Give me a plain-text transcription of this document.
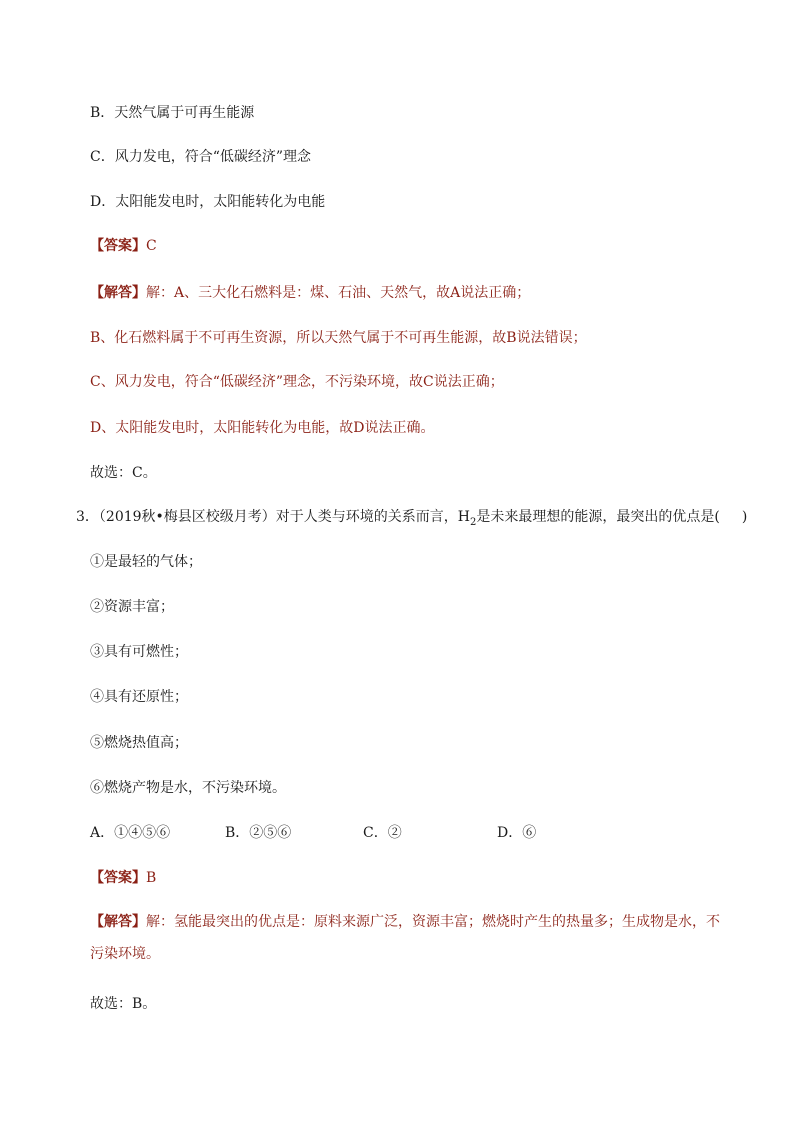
B．天然气属于可再生能源
C．风力发电，符合“低碳经济”理念
D．太阳能发电时，太阳能转化为电能
【答案】C
【解答】解：A、三大化石燃料是：煤、石油、天然气，故A说法正确；
B、化石燃料属于不可再生资源，所以天然气属于不可再生能源，故B说法错误；
C、风力发电，符合“低碳经济”理念，不污染环境，故C说法正确；
D、太阳能发电时，太阳能转化为电能，故D说法正确。
故选：C。
3．（2019秋•梅县区校级月考）对于人类与环境的关系而言，$H_2$是未来最理想的能源，最突出的优点是( )
①是最轻的气体；
②资源丰富；
③具有可燃性；
④具有还原性；
⑤燃烧热值高；
⑥燃烧产物是水，不污染环境。
A．①④⑤⑥	B．②⑤⑥	C．②	D．⑥
【答案】B
【解答】解：氢能最突出的优点是：原料来源广泛，资源丰富；燃烧时产生的热量多；生成物是水，不污染环境。
故选：B。
